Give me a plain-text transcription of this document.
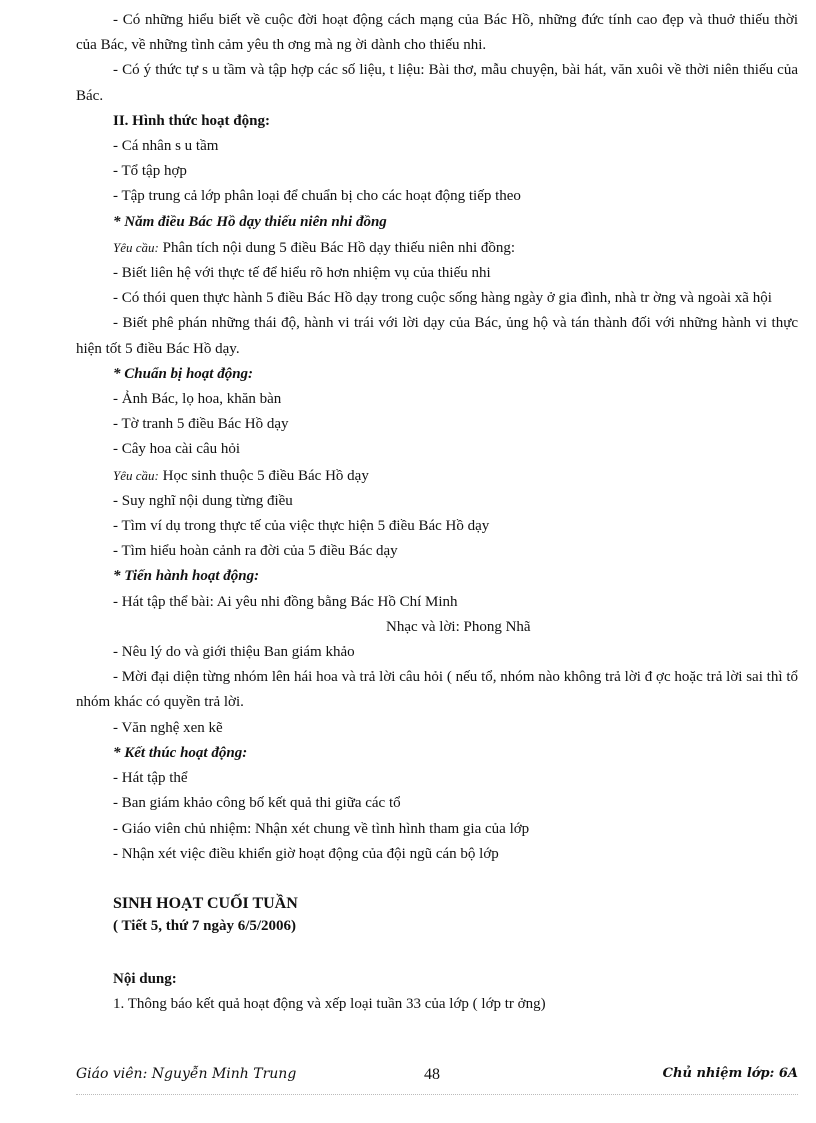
- Có những hiểu biết về cuộc đời hoạt động cách mạng của Bác Hồ, những đức tính cao đẹp và thuở thiếu thời của Bác, về những tình cảm yêu th ơng mà ng ời dành cho thiếu nhi.

- Có ý thức tự s u tầm và tập hợp các số liệu, t liệu: Bài thơ, mẫu chuyện, bài hát, văn xuôi về thời niên thiếu của Bác.

II. Hình thức hoạt động:

- Cá nhân s u tầm

- Tổ tập hợp

- Tập trung cả lớp phân loại để chuẩn bị cho các hoạt động tiếp theo

* Năm điều Bác Hồ dạy thiếu niên nhi đồng

Yêu cầu: Phân tích nội dung 5 điều Bác Hồ dạy thiếu niên nhi đồng:

- Biết liên hệ với thực tế để hiểu rõ hơn nhiệm vụ của thiếu nhi

- Có thói quen thực hành 5 điều Bác Hồ dạy trong cuộc sống hàng ngày ở gia đình, nhà tr ờng và ngoài xã hội

- Biết phê phán những thái độ, hành vi trái với lời dạy của Bác, ủng hộ và tán thành đối với những hành vi thực hiện tốt 5 điều Bác Hồ dạy.

* Chuẩn bị hoạt động:

- Ảnh Bác, lọ hoa, khăn bàn

- Tờ tranh 5 điều Bác Hồ dạy

- Cây hoa cài câu hỏi

Yêu cầu: Học sinh thuộc 5 điều Bác Hồ dạy

- Suy nghĩ nội dung từng điều

- Tìm ví dụ trong thực tế của việc thực hiện 5 điều Bác Hồ dạy

- Tìm hiểu hoàn cảnh ra đời của 5 điều Bác dạy

* Tiến hành hoạt động:

- Hát tập thể bài: Ai yêu nhi đồng bằng Bác Hồ Chí Minh

Nhạc và lời: Phong Nhã

- Nêu lý do và giới thiệu Ban giám khảo

- Mời đại diện từng nhóm lên hái hoa và trả lời câu hỏi ( nếu tổ, nhóm nào không trả lời đ ợc hoặc trả lời sai thì tổ nhóm khác có quyền trả lời.

- Văn nghệ xen kẽ

* Kết thúc hoạt động:

- Hát tập thể

- Ban giám khảo công bố kết quả thi giữa các tổ

- Giáo viên chủ nhiệm: Nhận xét chung về tình hình tham gia của lớp

- Nhận xét việc điều khiển giờ hoạt động của đội ngũ cán bộ lớp

SINH HOẠT CUỐI TUẦN

( Tiết 5, thứ 7 ngày 6/5/2006)

Nội dung:

1. Thông báo kết quả hoạt động và xếp loại tuần 33 của lớp ( lớp tr ởng)

Giáo viên: Nguyễn Minh Trung	48	Chủ nhiệm lớp: 6A
